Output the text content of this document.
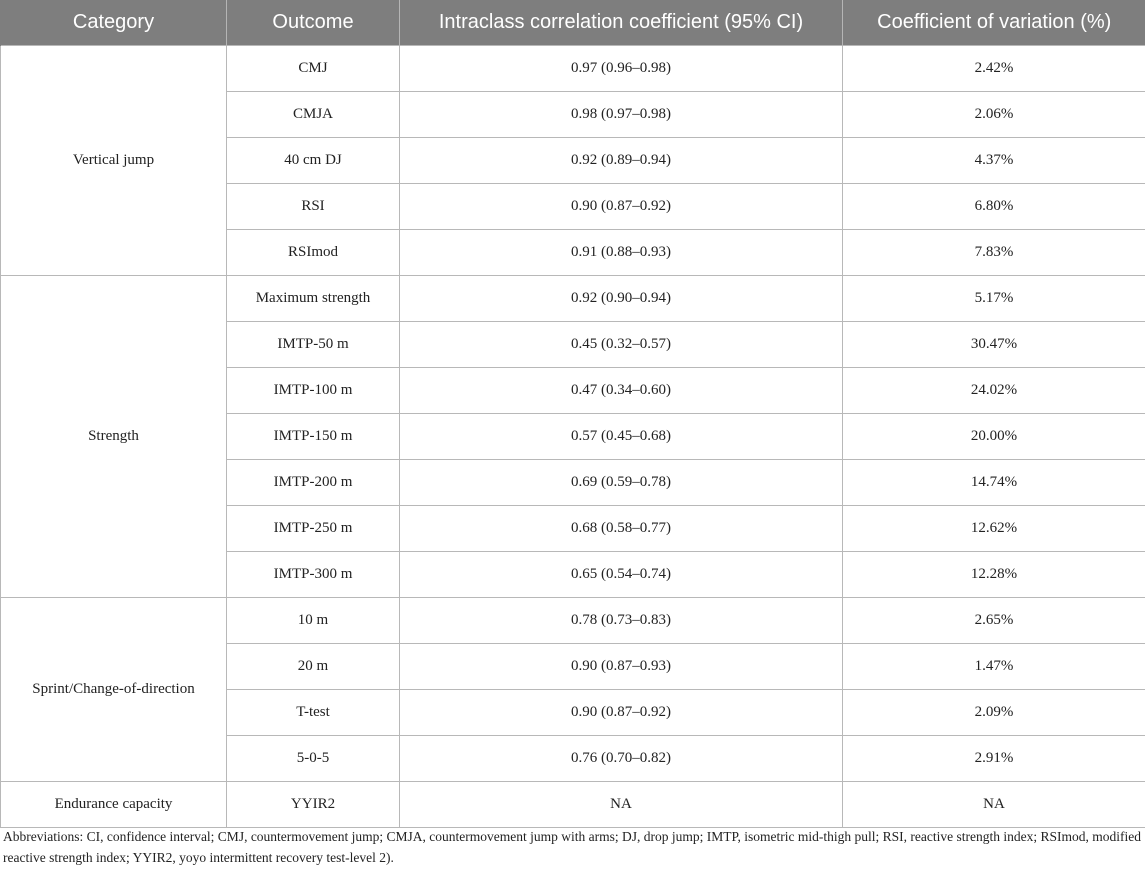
Category	Outcome	Intraclass correlation coefficient (95% CI)	Coefficient of variation (%)
Vertical jump	CMJ	0.97 (0.96–0.98)	2.42%
	CMJA	0.98 (0.97–0.98)	2.06%
	40 cm DJ	0.92 (0.89–0.94)	4.37%
	RSI	0.90 (0.87–0.92)	6.80%
	RSImod	0.91 (0.88–0.93)	7.83%
Strength	Maximum strength	0.92 (0.90–0.94)	5.17%
	IMTP-50 m	0.45 (0.32–0.57)	30.47%
	IMTP-100 m	0.47 (0.34–0.60)	24.02%
	IMTP-150 m	0.57 (0.45–0.68)	20.00%
	IMTP-200 m	0.69 (0.59–0.78)	14.74%
	IMTP-250 m	0.68 (0.58–0.77)	12.62%
	IMTP-300 m	0.65 (0.54–0.74)	12.28%
Sprint/Change-of-direction	10 m	0.78 (0.73–0.83)	2.65%
	20 m	0.90 (0.87–0.93)	1.47%
	T-test	0.90 (0.87–0.92)	2.09%
	5-0-5	0.76 (0.70–0.82)	2.91%
Endurance capacity	YYIR2	NA	NA
Abbreviations: CI, confidence interval; CMJ, countermovement jump; CMJA, countermovement jump with arms; DJ, drop jump; IMTP, isometric mid-thigh pull; RSI, reactive strength index; RSImod, modified reactive strength index; YYIR2, yoyo intermittent recovery test-level 2).
